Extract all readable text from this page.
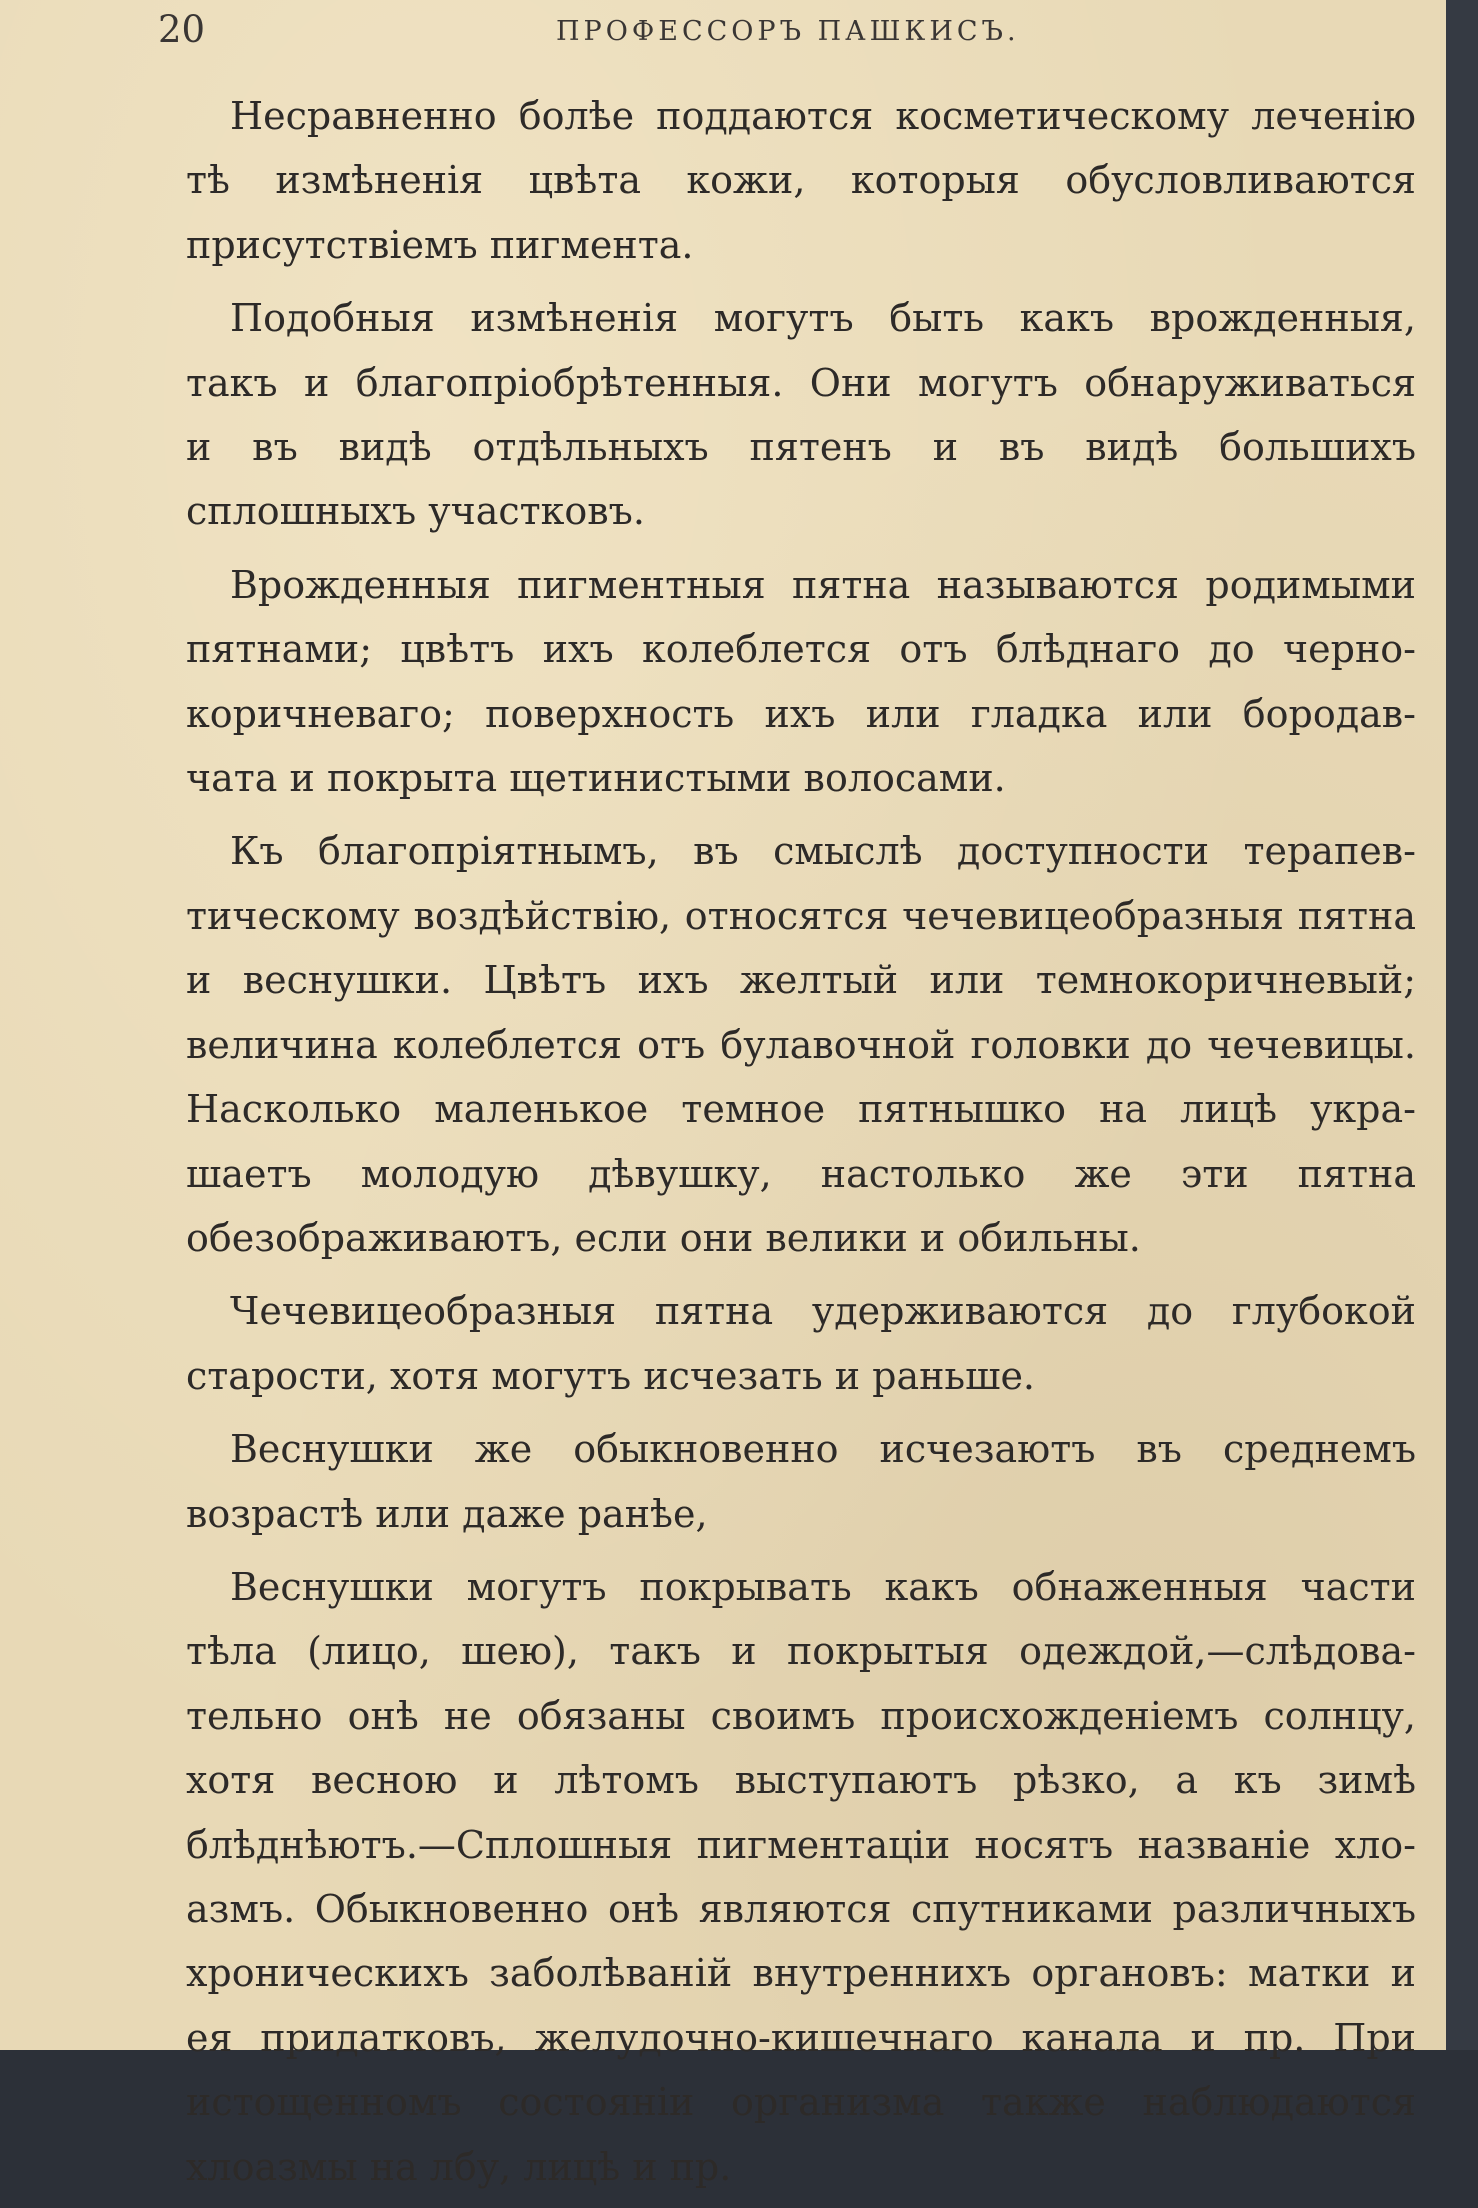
20	ПРОФЕССОРЪ ПАШКИСЪ.
Несравненно болѣе поддаются косметическому леченію
тѣ измѣненія цвѣта кожи, которыя обусловливаются
присутствіемъ пигмента.
Подобныя измѣненія могутъ быть какъ врожденныя,
такъ и благопріобрѣтенныя. Они могутъ обнаруживаться
и въ видѣ отдѣльныхъ пятенъ и въ видѣ большихъ
сплошныхъ участковъ.
Врожденныя пигментныя пятна называются родимыми
пятнами; цвѣтъ ихъ колеблется отъ блѣднаго до черно-
коричневаго; поверхность ихъ или гладка или бородав-
чата и покрыта щетинистыми волосами.
Къ благопріятнымъ, въ смыслѣ доступности терапев-
тическому воздѣйствію, относятся чечевицеобразныя пятна
и веснушки. Цвѣтъ ихъ желтый или темнокоричневый;
величина колеблется отъ булавочной головки до чечевицы.
Насколько маленькое темное пятнышко на лицѣ укра-
шаетъ молодую дѣвушку, настолько же эти пятна
обезображиваютъ, если они велики и обильны.
Чечевицеобразныя пятна удерживаются до глубокой
старости, хотя могутъ исчезать и раньше.
Веснушки же обыкновенно исчезаютъ въ среднемъ
возрастѣ или даже ранѣе,
Веснушки могутъ покрывать какъ обнаженныя части
тѣла (лицо, шею), такъ и покрытыя одеждой,—слѣдова-
тельно онѣ не обязаны своимъ происхожденіемъ солнцу,
хотя весною и лѣтомъ выступаютъ рѣзко, а къ зимѣ
блѣднѣютъ.—Сплошныя пигментаціи носятъ названіе хло-
азмъ. Обыкновенно онѣ являются спутниками различныхъ
хроническихъ заболѣваній внутреннихъ органовъ: матки и
ея придатковъ, желудочно-кишечнаго канала и пр. При
истощенномъ состояніи организма также наблюдаются
хлоазмы на лбу, лицѣ и пр.
